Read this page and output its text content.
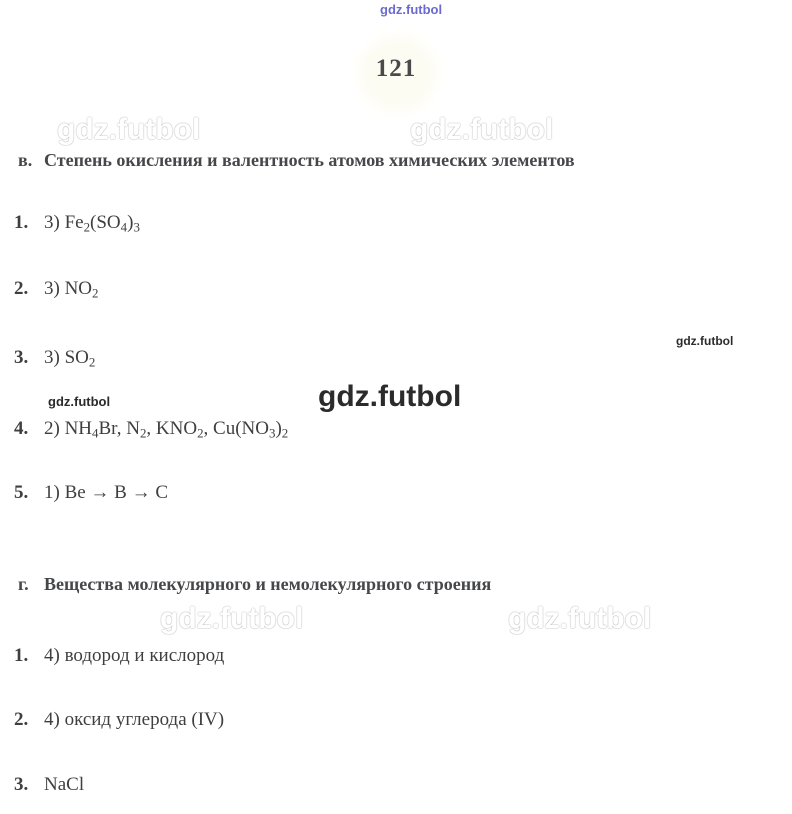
121
в. Степень окисления и валентность атомов химических элементов
1. 3) $Fe_2(SO_4)_3$
2. 3) $NO_2$
3. 3) $SO_2$
4. 2) $NH_4Br$, $N_2$, $KNO_2$, $Cu(NO_3)_2$
5. 1) Be → B → C
г. Вещества молекулярного и немолекулярного строения
1. 4) водород и кислород
2. 4) оксид углерода (IV)
3. NaCl
gdz.futbol
gdz.futbol	gdz.futbol
gdz.futbol
gdz.futbol	gdz.futbol
gdz.futbol	gdz.futbol
